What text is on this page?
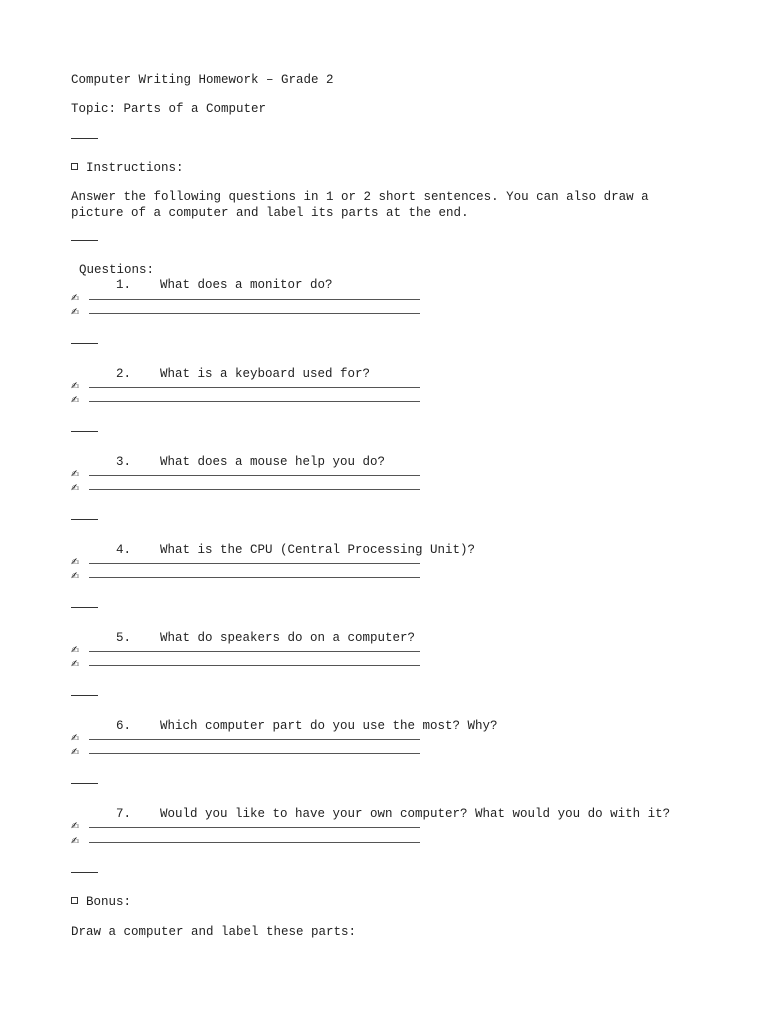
Computer Writing Homework – Grade 2
Topic: Parts of a Computer
Instructions:
Answer the following questions in 1 or 2 short sentences. You can also draw a
picture of a computer and label its parts at the end.
Questions:
1. What does a monitor do?
✍
✍
2. What is a keyboard used for?
✍
✍
3. What does a mouse help you do?
✍
✍
4. What is the CPU (Central Processing Unit)?
✍
✍
5. What do speakers do on a computer?
✍
✍
6. Which computer part do you use the most? Why?
✍
✍
7. Would you like to have your own computer? What would you do with it?
✍
✍
Bonus:
Draw a computer and label these parts:
